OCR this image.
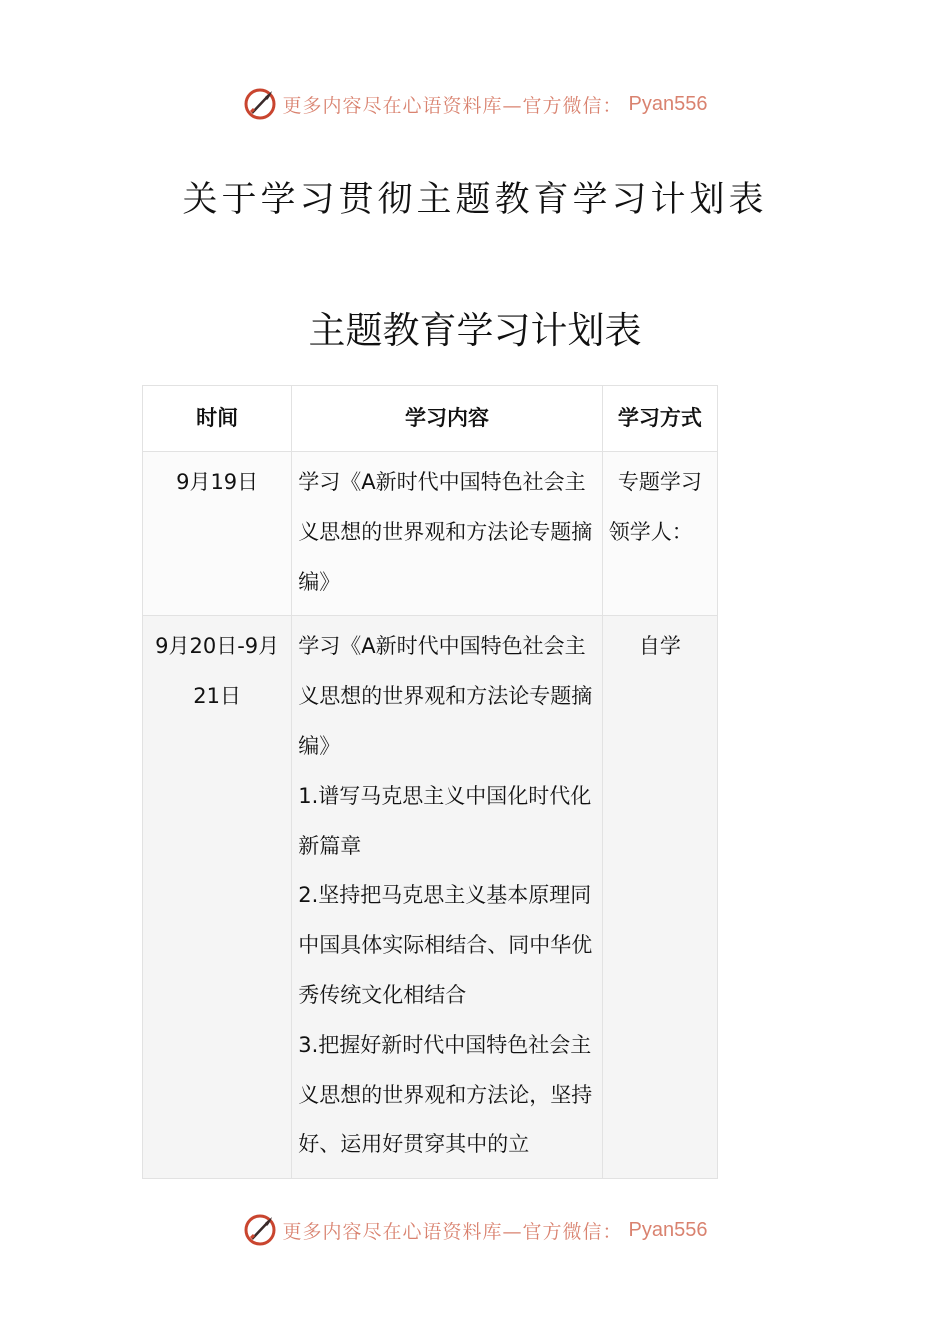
更多内容尽在心语资料库—官方微信： Pyan556
关于学习贯彻主题教育学习计划表
主题教育学习计划表
时间	学习内容	学习方式

9月19日	学习《A新时代中国特色社会主义思想的世界观和方法论专题摘编》	专题学习

领学人：

9月20日-9月21日	学习《A新时代中国特色社会主义思想的世界观和方法论专题摘编》

1.谱写马克思主义中国化时代化新篇章

2.坚持把马克思主义基本原理同中国具体实际相结合、同中华优秀传统文化相结合

3.把握好新时代中国特色社会主义思想的世界观和方法论，坚持好、运用好贯穿其中的立	自学

更多内容尽在心语资料库—官方微信： Pyan556
